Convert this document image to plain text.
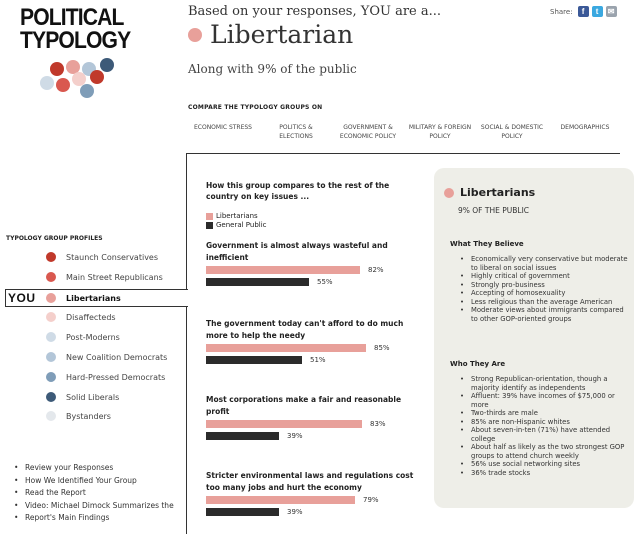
POLITICAL
TYPOLOGY
Based on your responses, YOU are a...
Libertarian
Along with 9% of the public
Share:	f	t	✉
COMPARE THE TYPOLOGY GROUPS ON
ECONOMIC STRESS	POLITICS &
ELECTIONS
GOVERNMENT &
ECONOMIC POLICY
MILITARY & FOREIGN
POLICY
SOCIAL & DOMESTIC
POLICY
DEMOGRAPHICS
TYPOLOGY GROUP PROFILES
YOU
Staunch Conservatives
Main Street Republicans
Libertarians
Disaffecteds
Post-Moderns
New Coalition Democrats
Hard-Pressed Democrats
Solid Liberals
Bystanders
• Review your Responses
• How We Identified Your Group
• Read the Report
• Video: Michael Dimock Summarizes the
• Report's Main Findings
How this group compares to the rest of the country on key issues ...
Libertarians
General Public
Government is almost always wasteful and inefficient
82%
55%
The government today can't afford to do much more to help the needy
85%
51%
Most corporations make a fair and reasonable profit
83%
39%
Stricter environmental laws and regulations cost too many jobs and hurt the economy
79%
39%
Libertarians
9% OF THE PUBLIC
What They Believe
• Economically very conservative but moderate to liberal on social issues
• Highly critical of government
• Strongly pro-business
• Accepting of homosexuality
• Less religious than the average American
• Moderate views about immigrants compared to other GOP-oriented groups
Who They Are
• Strong Republican-orientation, though a majority identify as independents
• Affluent: 39% have incomes of $75,000 or more
• Two-thirds are male
• 85% are non-Hispanic whites
• About seven-in-ten (71%) have attended college
• About half as likely as the two strongest GOP groups to attend church weekly
• 56% use social networking sites
• 36% trade stocks
